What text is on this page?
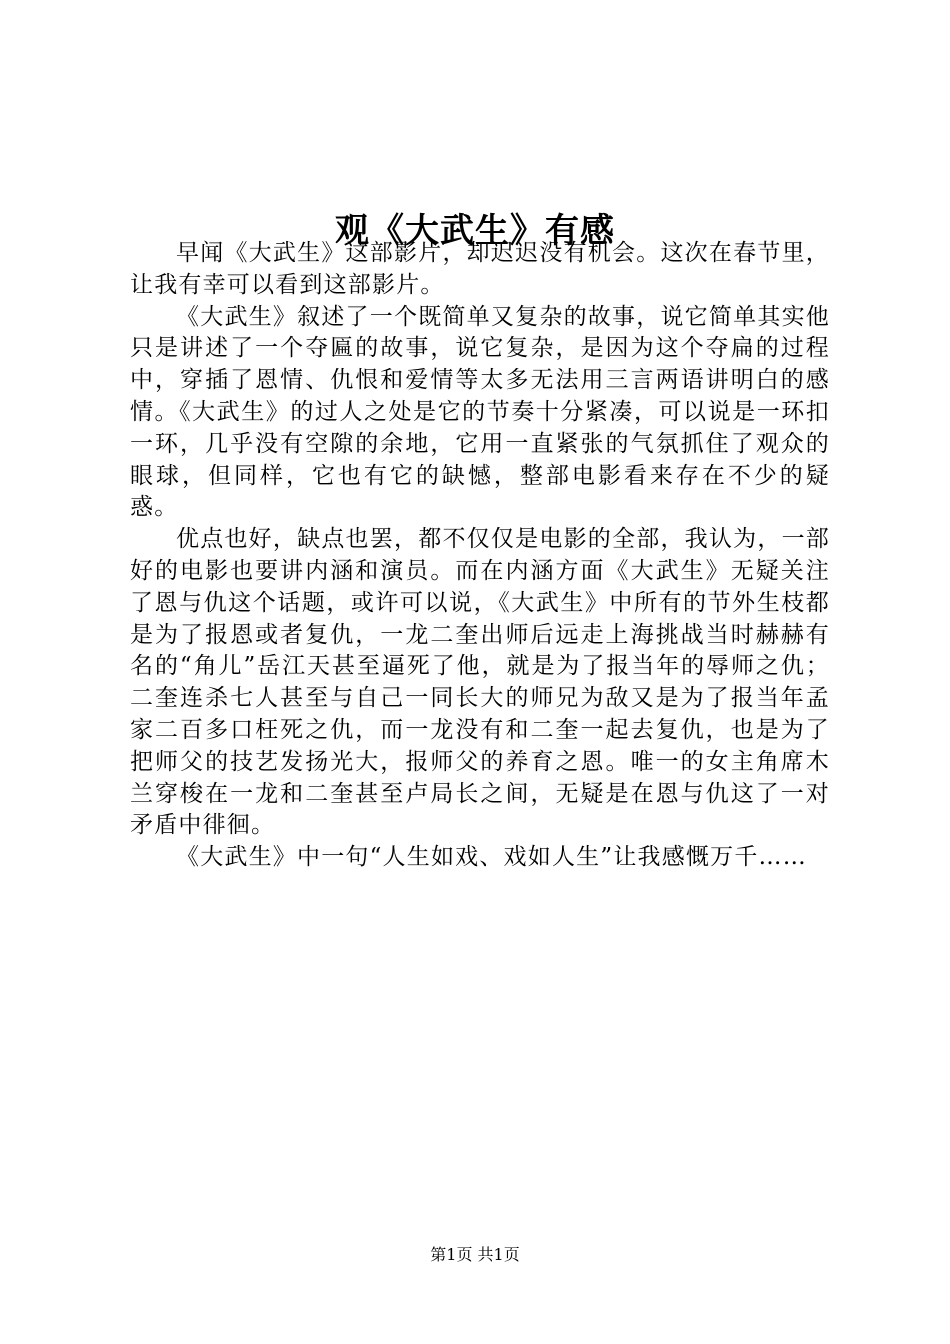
观《大武生》有感

早闻《大武生》这部影片，却迟迟没有机会。这次在春节里，让我有幸可以看到这部影片。

《大武生》叙述了一个既简单又复杂的故事，说它简单其实他只是讲述了一个夺匾的故事，说它复杂，是因为这个夺扁的过程中，穿插了恩情、仇恨和爱情等太多无法用三言两语讲明白的感情。《大武生》的过人之处是它的节奏十分紧凑，可以说是一环扣一环，几乎没有空隙的余地，它用一直紧张的气氛抓住了观众的眼球，但同样，它也有它的缺憾，整部电影看来存在不少的疑惑。

优点也好，缺点也罢，都不仅仅是电影的全部，我认为，一部好的电影也要讲内涵和演员。而在内涵方面《大武生》无疑关注了恩与仇这个话题，或许可以说，《大武生》中所有的节外生枝都是为了报恩或者复仇，一龙二奎出师后远走上海挑战当时赫赫有名的“角儿”岳江天甚至逼死了他，就是为了报当年的辱师之仇；二奎连杀七人甚至与自己一同长大的师兄为敌又是为了报当年孟家二百多口枉死之仇，而一龙没有和二奎一起去复仇，也是为了把师父的技艺发扬光大，报师父的养育之恩。唯一的女主角席木兰穿梭在一龙和二奎甚至卢局长之间，无疑是在恩与仇这了一对矛盾中徘徊。

《大武生》中一句“人生如戏、戏如人生”让我感慨万千……

第1页 共1页
